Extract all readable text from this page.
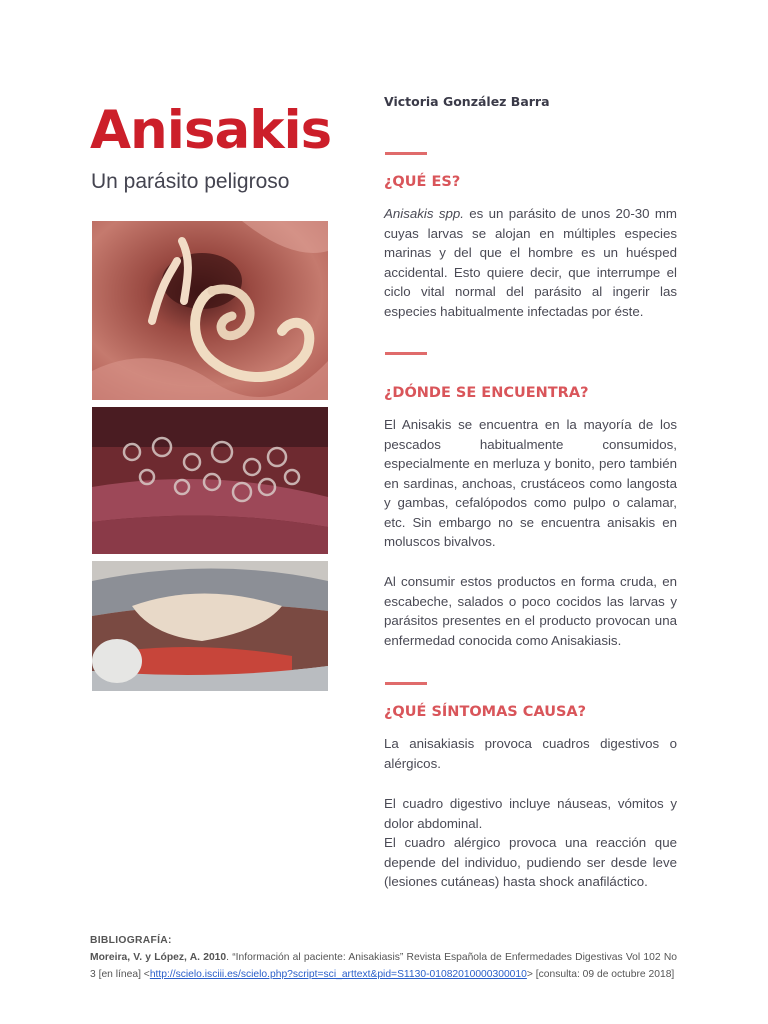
Anisakis

Un parásito peligroso

Victoria González Barra
¿QUÉ ES?

Anisakis spp. es un parásito de unos 20-30 mm cuyas larvas se alojan en múltiples especies marinas y del que el hombre es un huésped accidental. Esto quiere decir, que interrumpe el ciclo vital normal del parásito al ingerir las especies habitualmente infectadas por éste.

¿DÓNDE SE ENCUENTRA?

El Anisakis se encuentra en la mayoría de los pescados habitualmente consumidos, especialmente en merluza y bonito, pero también en sardinas, anchoas, crustáceos como langosta y gambas, cefalópodos como pulpo o calamar, etc. Sin embargo no se encuentra anisakis en moluscos bivalvos.

Al consumir estos productos en forma cruda, en escabeche, salados o poco cocidos las larvas y parásitos presentes en el producto provocan una enfermedad conocida como Anisakiasis.

¿QUÉ SÍNTOMAS CAUSA?

La anisakiasis provoca cuadros digestivos o alérgicos.

El cuadro digestivo incluye náuseas, vómitos y dolor abdominal.

El cuadro alérgico provoca una reacción que depende del individuo, pudiendo ser desde leve (lesiones cutáneas) hasta shock anafiláctico.

BIBLIOGRAFÍA:
Moreira, V. y López, A. 2010. “Información al paciente: Anisakiasis” Revista Española de Enfermedades Digestivas Vol 102 No 3 [en línea] <http://scielo.isciii.es/scielo.php?script=sci_arttext&pid=S1130-01082010000300010> [consulta: 09 de octubre 2018]
